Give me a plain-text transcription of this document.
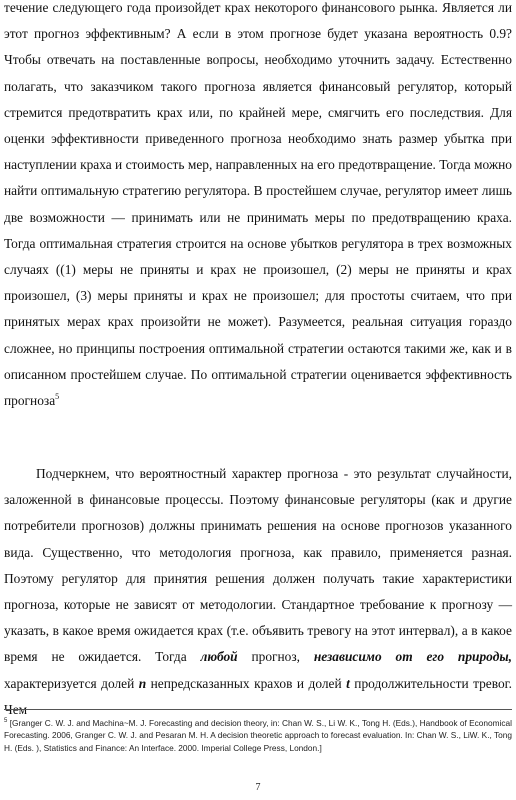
течение следующего года произойдет крах некоторого финансового рынка. Является ли этот прогноз эффективным? А если в этом прогнозе будет указана вероятность 0.9? Чтобы отвечать на поставленные вопросы, необходимо уточнить задачу. Естественно полагать, что заказчиком такого прогноза является финансовый регулятор, который стремится предотвратить крах или, по крайней мере, смягчить его последствия. Для оценки эффективности приведенного прогноза необходимо знать размер убытка при наступлении краха и стоимость мер, направленных на его предотвращение. Тогда можно найти оптимальную стратегию регулятора. В простейшем случае, регулятор имеет лишь две возможности — принимать или не принимать меры по предотвращению краха. Тогда оптимальная стратегия строится на основе убытков регулятора в трех возможных случаях ((1) меры не приняты и крах не произошел, (2) меры не приняты и крах произошел, (3) меры приняты и крах не произошел; для простоты считаем, что при принятых мерах крах произойти не может). Разумеется, реальная ситуация гораздо сложнее, но принципы построения оптимальной стратегии остаются такими же, как и в описанном простейшем случае. По оптимальной стратегии оценивается эффективность прогноза$^5$

Подчеркнем, что вероятностный характер прогноза - это результат случайности, заложенной в финансовые процессы. Поэтому финансовые регуляторы (как и другие потребители прогнозов) должны принимать решения на основе прогнозов указанного вида. Существенно, что методология прогноза, как правило, применяется разная. Поэтому регулятор для принятия решения должен получать такие характеристики прогноза, которые не зависят от методологии. Стандартное требование к прогнозу — указать, в какое время ожидается крах (т.е. объявить тревогу на этот интервал), а в какое время не ожидается. Тогда любой прогноз, независимо от его природы, характеризуется долей n непредсказанных крахов и долей t продолжительности тревог. Чем

$^5$ [Granger C. W. J. and Machina~M. J. Forecasting and decision theory, in: Chan W. S., Li W. K., Tong H. (Eds.), Handbook of Economical Forecasting. 2006, Granger C. W. J. and Pesaran M. H. A decision theoretic approach to forecast evaluation. In: Chan W. S., LiW. K., Tong H. (Eds. ), Statistics and Finance: An Interface. 2000. Imperial College Press, London.]
7
